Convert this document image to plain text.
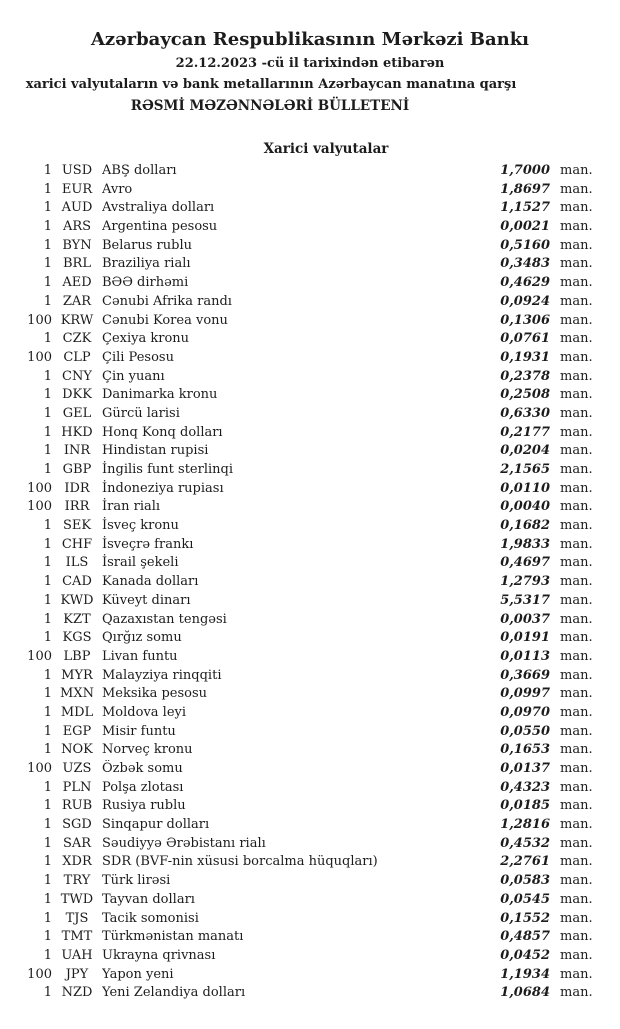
Azərbaycan Respublikasının Mərkəzi Bankı
22.12.2023 -cü il tarixindən etibarən
xarici valyutaların və bank metallarının Azərbaycan manatına qarşı
RƏSMİ MƏZƏNNƏLƏRİ BÜLLETENİ
Xarici valyutalar
1 USD ABŞ dolları	1,7000 man.
1 EUR Avro	1,8697 man.
1 AUD Avstraliya dolları	1,1527 man.
1 ARS Argentina pesosu	0,0021 man.
1 BYN Belarus rublu	0,5160 man.
1 BRL Braziliya rialı	0,3483 man.
1 AED BƏƏ dirhəmi	0,4629 man.
1 ZAR Cənubi Afrika randı	0,0924 man.
100 KRW Cənubi Korea vonu	0,1306 man.
1 CZK Çexiya kronu	0,0761 man.
100 CLP Çili Pesosu	0,1931 man.
1 CNY Çin yuanı	0,2378 man.
1 DKK Danimarka kronu	0,2508 man.
1 GEL Gürcü larisi	0,6330 man.
1 HKD Honq Konq dolları	0,2177 man.
1 INR Hindistan rupisi	0,0204 man.
1 GBP İngilis funt sterlinqi	2,1565 man.
100 IDR İndoneziya rupiası	0,0110 man.
100 IRR İran rialı	0,0040 man.
1 SEK İsveç kronu	0,1682 man.
1 CHF İsveçrə frankı	1,9833 man.
1	ILS	İsrail şekeli	0,4697 man.
1 CAD Kanada dolları	1,2793 man.
1 KWD Küveyt dinarı	5,5317 man.
1 KZT Qazaxıstan tengəsi	0,0037 man.
1 KGS Qırğız somu	0,0191 man.
100 LBP Livan funtu	0,0113 man.
1 MYR Malayziya rinqqiti	0,3669 man.
1 MXN Meksika pesosu	0,0997 man.
1 MDL Moldova leyi	0,0970 man.
1 EGP Misir funtu	0,0550 man.
1 NOK Norveç kronu	0,1653 man.
100 UZS Özbək somu	0,0137 man.
1 PLN Polşa zlotası	0,4323 man.
1 RUB Rusiya rublu	0,0185 man.
1 SGD Sinqapur dolları	1,2816 man.
1 SAR Səudiyyə Ərəbistanı rialı	0,4532 man.
1 XDR SDR (BVF-nin xüsusi borcalma hüquqları)	2,2761 man.
1 TRY Türk lirəsi	0,0583 man.
1 TWD Tayvan dolları	0,0545 man.
1	TJS	Tacik somonisi	0,1552 man.
1 TMT Türkmənistan manatı	0,4857 man.
1 UAH Ukrayna qrivnası	0,0452 man.
100	JPY	Yapon yeni	1,1934 man.
1 NZD Yeni Zelandiya dolları	1,0684 man.
